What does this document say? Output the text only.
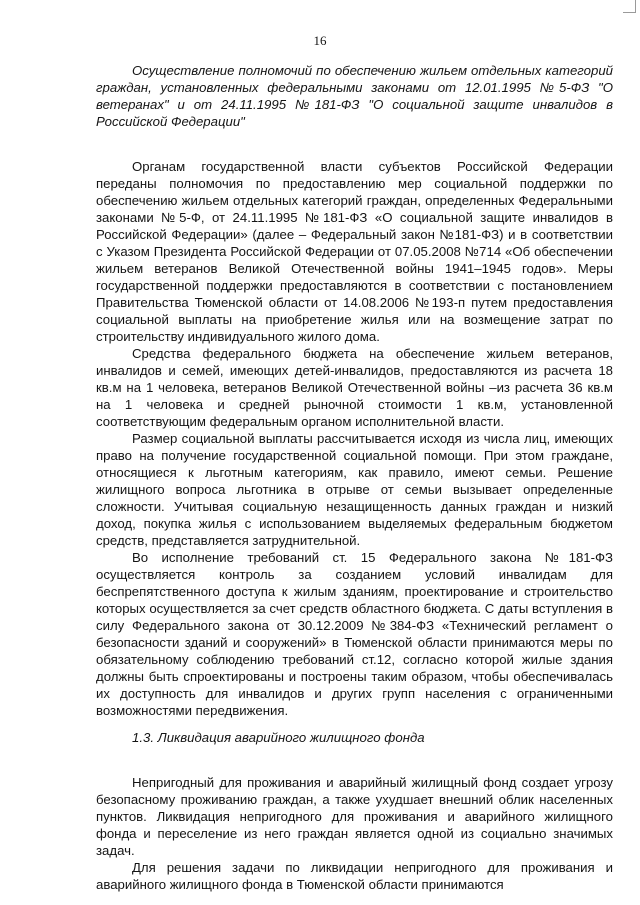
16

Осуществление полномочий по обеспечению жильем отдельных категорий граждан, установленных федеральными законами от 12.01.1995 №5-ФЗ "О ветеранах" и от 24.11.1995 №181-ФЗ "О социальной защите инвалидов в Российской Федерации"

Органам государственной власти субъектов Российской Федерации переданы полномочия по предоставлению мер социальной поддержки по обеспечению жильем отдельных категорий граждан, определенных Федеральными законами №5-Ф, от 24.11.1995 №181-ФЗ «О социальной защите инвалидов в Российской Федерации» (далее – Федеральный закон №181-ФЗ) и в соответствии с Указом Президента Российской Федерации от 07.05.2008 №714 «Об обеспечении жильем ветеранов Великой Отечественной войны 1941–1945 годов». Меры государственной поддержки предоставляются в соответствии с постановлением Правительства Тюменской области от 14.08.2006 №193-п путем предоставления социальной выплаты на приобретение жилья или на возмещение затрат по строительству индивидуального жилого дома.

Средства федерального бюджета на обеспечение жильем ветеранов, инвалидов и семей, имеющих детей-инвалидов, предоставляются из расчета 18 кв.м на 1 человека, ветеранов Великой Отечественной войны –из расчета 36 кв.м на 1 человека и средней рыночной стоимости 1 кв.м, установленной соответствующим федеральным органом исполнительной власти.

Размер социальной выплаты рассчитывается исходя из числа лиц, имеющих право на получение государственной социальной помощи. При этом граждане, относящиеся к льготным категориям, как правило, имеют семьи. Решение жилищного вопроса льготника в отрыве от семьи вызывает определенные сложности. Учитывая социальную незащищенность данных граждан и низкий доход, покупка жилья с использованием выделяемых федеральным бюджетом средств, представляется затруднительной.

Во исполнение требований ст. 15 Федерального закона №181-ФЗ осуществляется контроль за созданием условий инвалидам для беспрепятственного доступа к жилым зданиям, проектирование и строительство которых осуществляется за счет средств областного бюджета. С даты вступления в силу Федерального закона от 30.12.2009 №384-ФЗ «Технический регламент о безопасности зданий и сооружений» в Тюменской области принимаются меры по обязательному соблюдению требований ст.12, согласно которой жилые здания должны быть спроектированы и построены таким образом, чтобы обеспечивалась их доступность для инвалидов и других групп населения с ограниченными возможностями передвижения.

1.3. Ликвидация аварийного жилищного фонда

Непригодный для проживания и аварийный жилищный фонд создает угрозу безопасному проживанию граждан, а также ухудшает внешний облик населенных пунктов. Ликвидация непригодного для проживания и аварийного жилищного фонда и переселение из него граждан является одной из социально значимых задач.

Для решения задачи по ликвидации непригодного для проживания и аварийного жилищного фонда в Тюменской области принимаются
